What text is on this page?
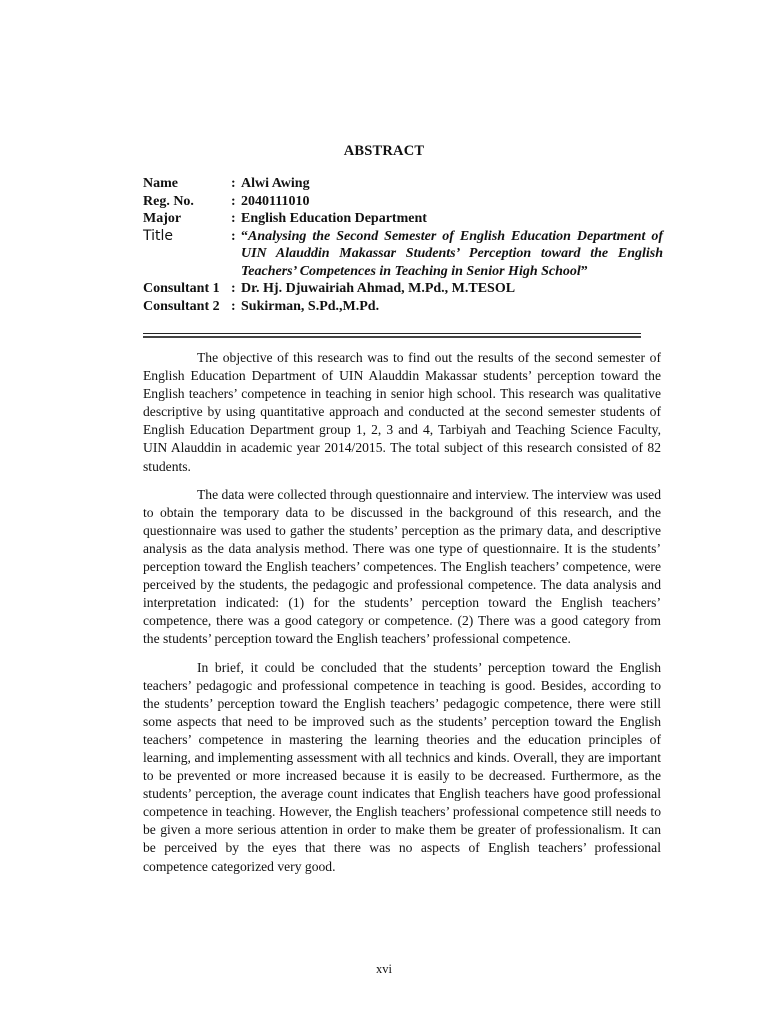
ABSTRACT
Name	: Alwi Awing
Reg. No.	: 2040111010
Major	: English Education Department
Title	: “Analysing the Second Semester of English Education Department of UIN Alauddin Makassar Students’ Perception toward the English Teachers’ Competences in Teaching in Senior High School”
Consultant 1 : Dr. Hj. Djuwairiah Ahmad, M.Pd., M.TESOL
Consultant 2 : Sukirman, S.Pd.,M.Pd.

The objective of this research was to find out the results of the second semester of English Education Department of UIN Alauddin Makassar students’ perception toward the English teachers’ competence in teaching in senior high school. This research was qualitative descriptive by using quantitative approach and conducted at the second semester students of English Education Department group 1, 2, 3 and 4, Tarbiyah and Teaching Science Faculty, UIN Alauddin in academic year 2014/2015. The total subject of this research consisted of 82 students.

The data were collected through questionnaire and interview. The interview was used to obtain the temporary data to be discussed in the background of this research, and the questionnaire was used to gather the students’ perception as the primary data, and descriptive analysis as the data analysis method. There was one type of questionnaire. It is the students’ perception toward the English teachers’ competences. The English teachers’ competence, were perceived by the students, the pedagogic and professional competence. The data analysis and interpretation indicated: (1) for the students’ perception toward the English teachers’ competence, there was a good category or competence. (2) There was a good category from the students’ perception toward the English teachers’ professional competence.

In brief, it could be concluded that the students’ perception toward the English teachers’ pedagogic and professional competence in teaching is good. Besides, according to the students’ perception toward the English teachers’ pedagogic competence, there were still some aspects that need to be improved such as the students’ perception toward the English teachers’ competence in mastering the learning theories and the education principles of learning, and implementing assessment with all technics and kinds. Overall, they are important to be prevented or more increased because it is easily to be decreased. Furthermore, as the students’ perception, the average count indicates that English teachers have good professional competence in teaching. However, the English teachers’ professional competence still needs to be given a more serious attention in order to make them be greater of professionalism. It can be perceived by the eyes that there was no aspects of English teachers’ professional competence categorized very good.

xvi
